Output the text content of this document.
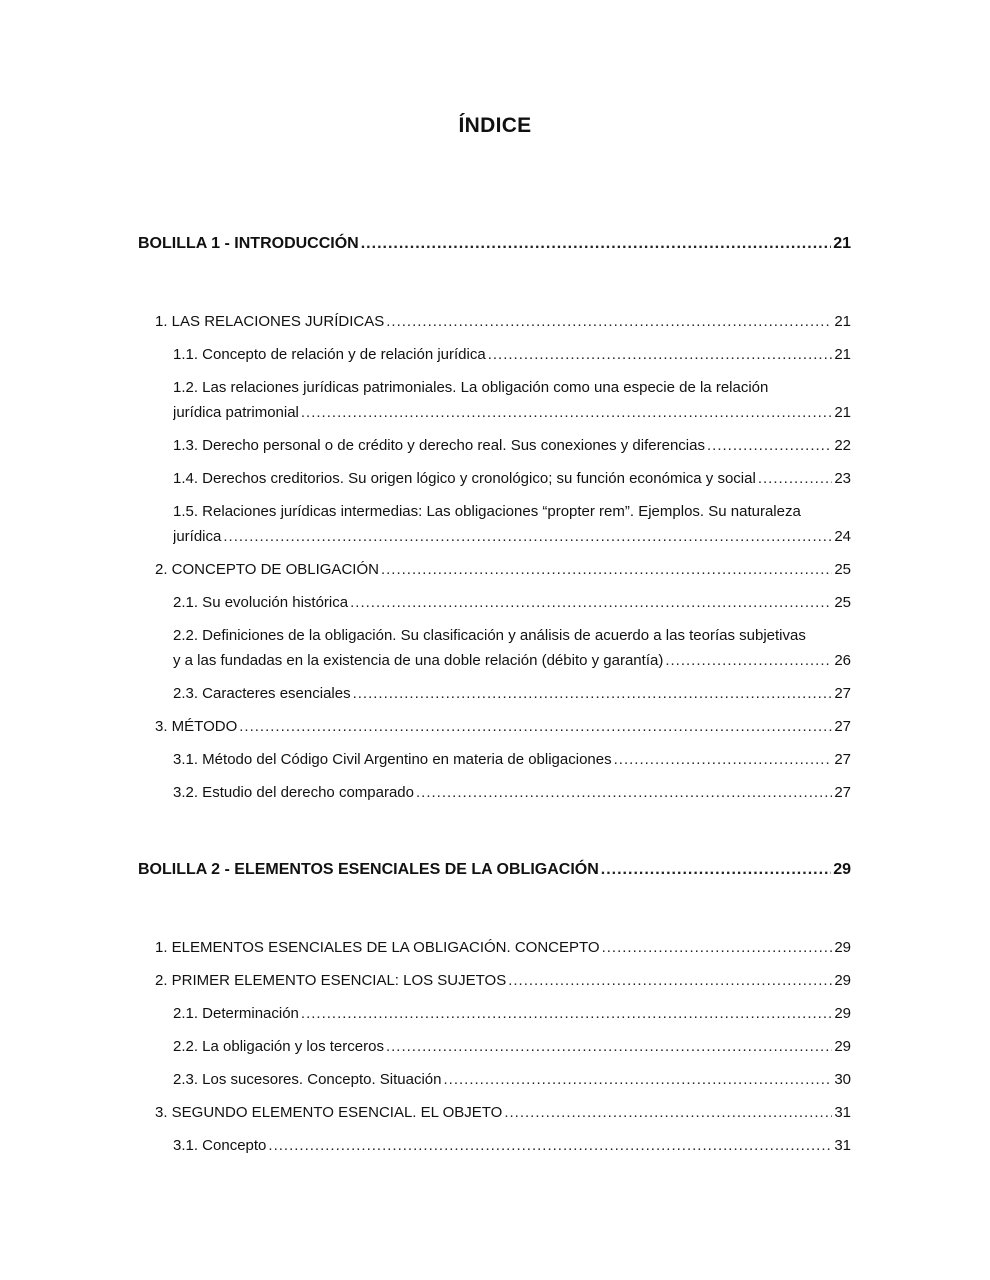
ÍNDICE
BOLILLA 1 - INTRODUCCIÓN .....	21
1. LAS RELACIONES JURÍDICAS .....	21
1.1. Concepto de relación y de relación jurídica .....	21
1.2. Las relaciones jurídicas patrimoniales. La obligación como una especie de la relación
jurídica patrimonial .....	21
1.3. Derecho personal o de crédito y derecho real. Sus conexiones y diferencias .....	22
1.4. Derechos creditorios. Su origen lógico y cronológico; su función económica y social .....	23
1.5. Relaciones jurídicas intermedias: Las obligaciones “propter rem”. Ejemplos. Su naturaleza
jurídica .....	24
2. CONCEPTO DE OBLIGACIÓN .....	25
2.1. Su evolución histórica .....	25
2.2. Definiciones de la obligación. Su clasificación y análisis de acuerdo a las teorías subjetivas
y a las fundadas en la existencia de una doble relación (débito y garantía) .....	26
2.3. Caracteres esenciales .....	27
3. MÉTODO .....	27
3.1. Método del Código Civil Argentino en materia de obligaciones .....	27
3.2. Estudio del derecho comparado .....	27
BOLILLA 2 - ELEMENTOS ESENCIALES DE LA OBLIGACIÓN .....	29
1. ELEMENTOS ESENCIALES DE LA OBLIGACIÓN. CONCEPTO .....	29
2. PRIMER ELEMENTO ESENCIAL: LOS SUJETOS .....	29
2.1. Determinación .....	29
2.2. La obligación y los terceros .....	29
2.3. Los sucesores. Concepto. Situación .....	30
3. SEGUNDO ELEMENTO ESENCIAL. EL OBJETO .....	31
3.1. Concepto .....	31
